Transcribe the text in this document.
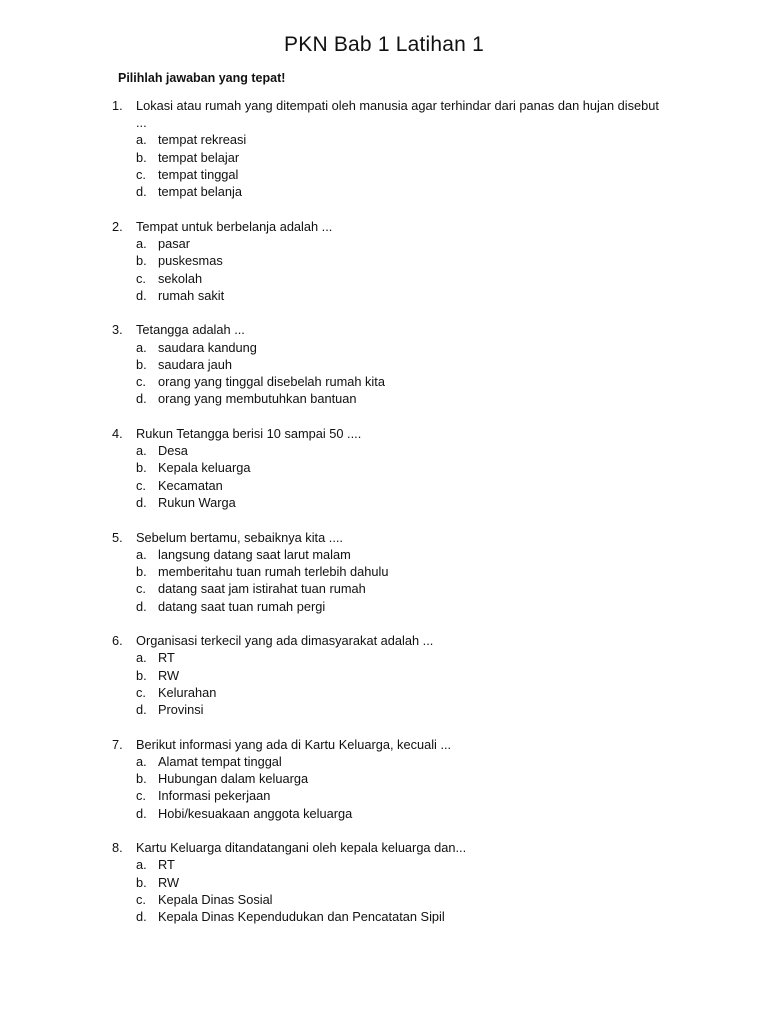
PKN Bab 1 Latihan 1
Pilihlah jawaban yang tepat!
1.	Lokasi atau rumah yang ditempati oleh manusia agar terhindar dari panas dan hujan disebut ...
a. tempat rekreasi
b. tempat belajar
c. tempat tinggal
d. tempat belanja
2.	Tempat untuk berbelanja adalah ...
a. pasar
b. puskesmas
c. sekolah
d. rumah sakit
3.	Tetangga adalah ...
a. saudara kandung
b. saudara jauh
c. orang yang tinggal disebelah rumah kita
d. orang yang membutuhkan bantuan
4.	Rukun Tetangga berisi 10 sampai 50 ....
a. Desa
b. Kepala keluarga
c. Kecamatan
d. Rukun Warga
5.	Sebelum bertamu, sebaiknya kita ....
a. langsung datang saat larut malam
b. memberitahu tuan rumah terlebih dahulu
c. datang saat jam istirahat tuan rumah
d. datang saat tuan rumah pergi
6.	Organisasi terkecil yang ada dimasyarakat adalah ...
a. RT
b. RW
c. Kelurahan
d. Provinsi
7.	Berikut informasi yang ada di Kartu Keluarga, kecuali ...
a. Alamat tempat tinggal
b. Hubungan dalam keluarga
c. Informasi pekerjaan
d. Hobi/kesuakaan anggota keluarga
8.	Kartu Keluarga ditandatangani oleh kepala keluarga dan...
a. RT
b. RW
c. Kepala Dinas Sosial
d. Kepala Dinas Kependudukan dan Pencatatan Sipil
